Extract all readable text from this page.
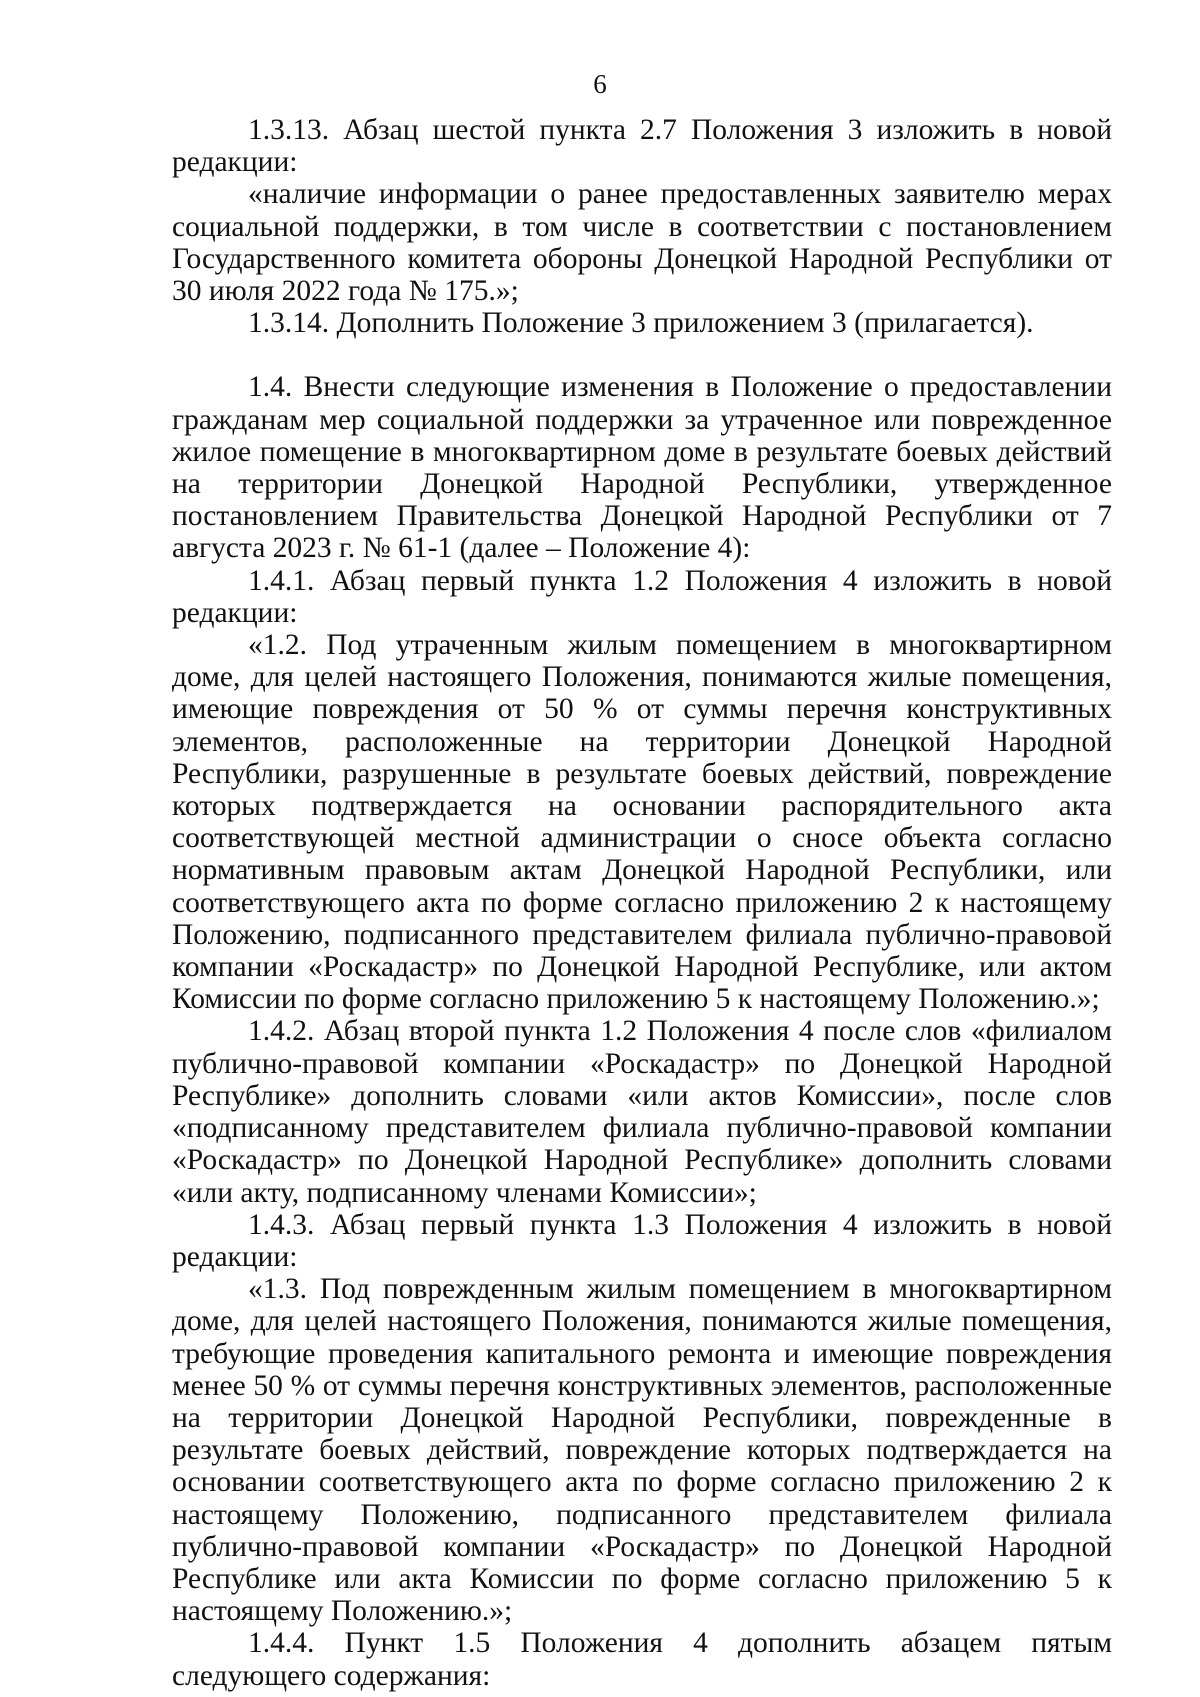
6

1.3.13. Абзац шестой пункта 2.7 Положения 3 изложить в новой редакции:

«наличие информации о ранее предоставленных заявителю мерах социальной поддержки, в том числе в соответствии с постановлением Государственного комитета обороны Донецкой Народной Республики от 30 июля 2022 года № 175.»;

1.3.14. Дополнить Положение 3 приложением 3 (прилагается).

1.4. Внести следующие изменения в Положение о предоставлении гражданам мер социальной поддержки за утраченное или поврежденное жилое помещение в многоквартирном доме в результате боевых действий на территории Донецкой Народной Республики, утвержденное постановлением Правительства Донецкой Народной Республики от 7 августа 2023 г. № 61-1 (далее – Положение 4):

1.4.1. Абзац первый пункта 1.2 Положения 4 изложить в новой редакции:

«1.2. Под утраченным жилым помещением в многоквартирном доме, для целей настоящего Положения, понимаются жилые помещения, имеющие повреждения от 50 % от суммы перечня конструктивных элементов, расположенные на территории Донецкой Народной Республики, разрушенные в результате боевых действий, повреждение которых подтверждается на основании распорядительного акта соответствующей местной администрации о сносе объекта согласно нормативным правовым актам Донецкой Народной Республики, или соответствующего акта по форме согласно приложению 2 к настоящему Положению, подписанного представителем филиала публично-правовой компании «Роскадастр» по Донецкой Народной Республике, или актом Комиссии по форме согласно приложению 5 к настоящему Положению.»;

1.4.2. Абзац второй пункта 1.2 Положения 4 после слов «филиалом публично-правовой компании «Роскадастр» по Донецкой Народной Республике» дополнить словами «или актов Комиссии», после слов «подписанному представителем филиала публично-правовой компании «Роскадастр» по Донецкой Народной Республике» дополнить словами «или акту, подписанному членами Комиссии»;

1.4.3. Абзац первый пункта 1.3 Положения 4 изложить в новой редакции:

«1.3. Под поврежденным жилым помещением в многоквартирном доме, для целей настоящего Положения, понимаются жилые помещения, требующие проведения капитального ремонта и имеющие повреждения менее 50 % от суммы перечня конструктивных элементов, расположенные на территории Донецкой Народной Республики, поврежденные в результате боевых действий, повреждение которых подтверждается на основании соответствующего акта по форме согласно приложению 2 к настоящему Положению, подписанного представителем филиала публично-правовой компании «Роскадастр» по Донецкой Народной Республике или акта Комиссии по форме согласно приложению 5 к настоящему Положению.»;

1.4.4. Пункт 1.5 Положения 4 дополнить абзацем пятым следующего содержания:
